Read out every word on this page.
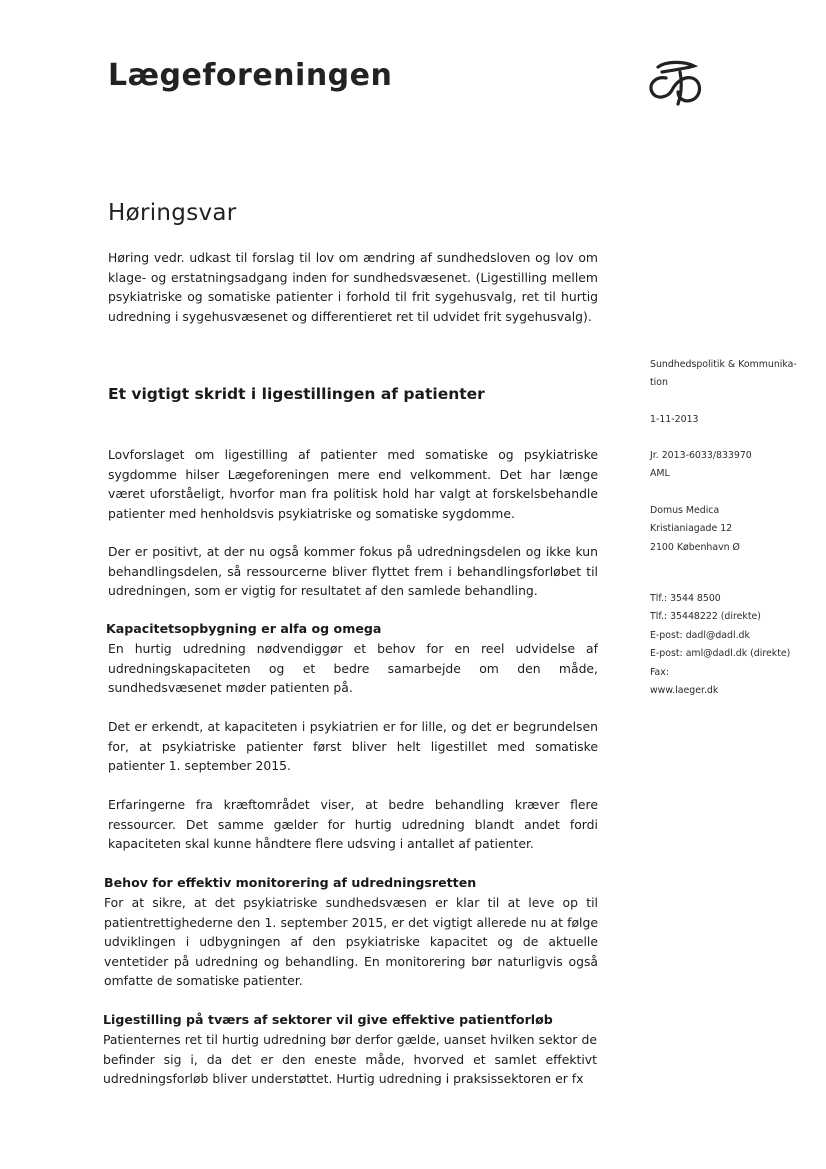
Lægeforeningen
Høringsvar

Høring vedr. udkast til forslag til lov om ændring af sundhedsloven og lov om klage- og erstatningsadgang inden for sundhedsvæsenet. (Ligestilling mellem psykiatriske og somatiske patienter i forhold til frit sygehusvalg, ret til hurtig udredning i sygehusvæsenet og differentieret ret til udvidet frit sygehusvalg).

Et vigtigt skridt i ligestillingen af patienter

Lovforslaget om ligestilling af patienter med somatiske og psykiatriske sygdomme hilser Lægeforeningen mere end velkomment. Det har længe været uforståeligt, hvorfor man fra politisk hold har valgt at forskelsbehandle patienter med henholdsvis psykiatriske og somatiske sygdomme.

Der er positivt, at der nu også kommer fokus på udredningsdelen og ikke kun behandlingsdelen, så ressourcerne bliver flyttet frem i behandlingsforløbet til udredningen, som er vigtig for resultatet af den samlede behandling.

Kapacitetsopbygning er alfa og omega

En hurtig udredning nødvendiggør et behov for en reel udvidelse af udredningskapaciteten og et bedre samarbejde om den måde, sundhedsvæsenet møder patienten på.

Det er erkendt, at kapaciteten i psykiatrien er for lille, og det er begrundelsen for, at psykiatriske patienter først bliver helt ligestillet med somatiske patienter 1. september 2015.

Erfaringerne fra kræftområdet viser, at bedre behandling kræver flere ressourcer. Det samme gælder for hurtig udredning blandt andet fordi kapaciteten skal kunne håndtere flere udsving i antallet af patienter.

Behov for effektiv monitorering af udredningsretten

For at sikre, at det psykiatriske sundhedsvæsen er klar til at leve op til patientrettighederne den 1. september 2015, er det vigtigt allerede nu at følge udviklingen i udbygningen af den psykiatriske kapacitet og de aktuelle ventetider på udredning og behandling. En monitorering bør naturligvis også omfatte de somatiske patienter.

Ligestilling på tværs af sektorer vil give effektive patientforløb

Patienternes ret til hurtig udredning bør derfor gælde, uanset hvilken sektor de befinder sig i, da det er den eneste måde, hvorved et samlet effektivt udredningsforløb bliver understøttet. Hurtig udredning i praksissektoren er fx

Sundhedspolitik & Kommunika-
tion
1-11-2013
Jr. 2013-6033/833970
AML
Domus Medica
Kristianiagade 12
2100 København Ø
Tlf.: 3544 8500
Tlf.: 35448222 (direkte)
E-post: dadl@dadl.dk
E-post: aml@dadl.dk (direkte)
Fax:
www.laeger.dk
